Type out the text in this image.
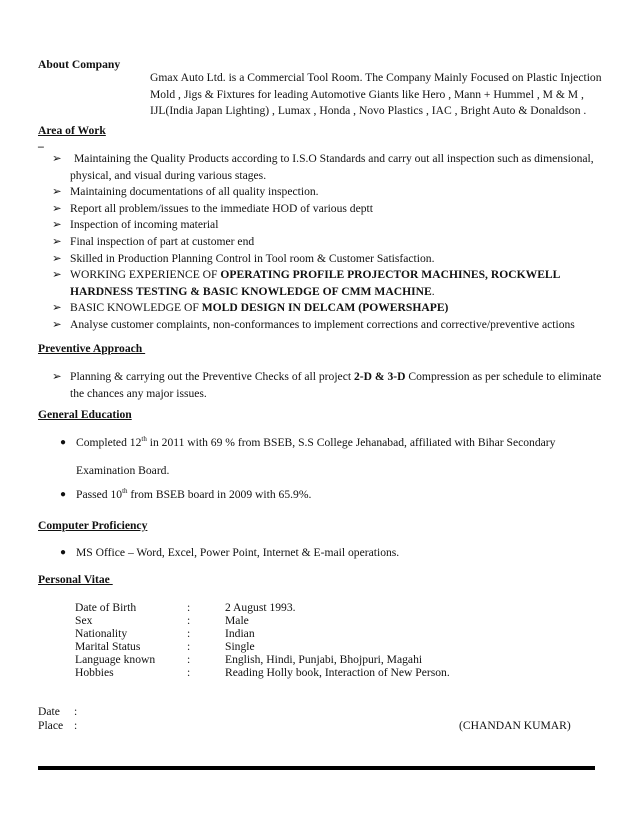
About Company
Gmax Auto Ltd. is a Commercial Tool Room. The Company Mainly Focused on Plastic Injection
Mold , Jigs & Fixtures for leading Automotive Giants like Hero , Mann + Hummel , M & M ,
IJL(India Japan Lighting) , Lumax , Honda , Novo Plastics , IAC , Bright Auto & Donaldson .
Area of Work
_
➢ Maintaining the Quality Products according to I.S.O Standards and carry out all inspection such as dimensional,
physical, and visual during various stages.
➢ Maintaining documentations of all quality inspection.
➢ Report all problem/issues to the immediate HOD of various deptt
➢ Inspection of incoming material
➢ Final inspection of part at customer end
➢ Skilled in Production Planning Control in Tool room & Customer Satisfaction.
➢ WORKING EXPERIENCE OF OPERATING PROFILE PROJECTOR MACHINES, ROCKWELL
HARDNESS TESTING & BASIC KNOWLEDGE OF CMM MACHINE.
➢ BASIC KNOWLEDGE OF MOLD DESIGN IN DELCAM (POWERSHAPE)
➢ Analyse customer complaints, non-conformances to implement corrections and corrective/preventive actions
Preventive Approach
➢ Planning & carrying out the Preventive Checks of all project 2-D & 3-D Compression as per schedule to eliminate
the chances any major issues.
General Education
● Completed 12th in 2011 with 69 % from BSEB, S.S College Jehanabad, affiliated with Bihar Secondary
Examination Board.
● Passed 10th from BSEB board in 2009 with 65.9%.
Computer Proficiency
● MS Office – Word, Excel, Power Point, Internet & E-mail operations.
Personal Vitae
Date of Birth	:	2 August 1993.
Sex	:	Male
Nationality	:	Indian
Marital Status	:	Single
Language known	:	English, Hindi, Punjabi, Bhojpuri, Magahi
Hobbies	:	Reading Holly book, Interaction of New Person.
Date :
Place :	(CHANDAN KUMAR)
